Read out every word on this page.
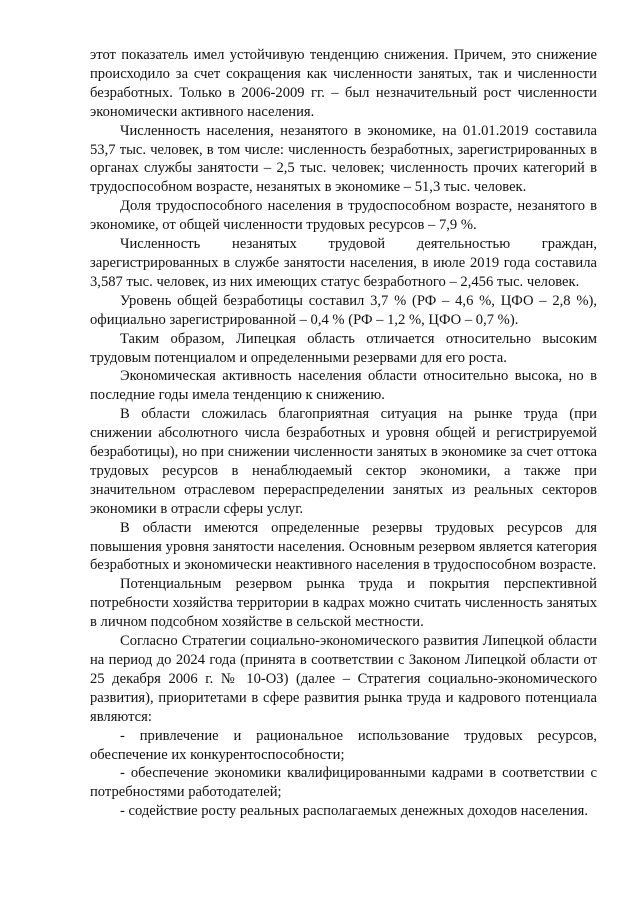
этот показатель имел устойчивую тенденцию снижения. Причем, это снижение происходило за счет сокращения как численности занятых, так и численности безработных. Только в 2006-2009 гг. – был незначительный рост численности экономически активного населения.

Численность населения, незанятого в экономике, на 01.01.2019 составила 53,7 тыс. человек, в том числе: численность безработных, зарегистрированных в органах службы занятости – 2,5 тыс. человек; численность прочих категорий в трудоспособном возрасте, незанятых в экономике – 51,3 тыс. человек.

Доля трудоспособного населения в трудоспособном возрасте, незанятого в экономике, от общей численности трудовых ресурсов – 7,9 %.

Численность незанятых трудовой деятельностью граждан, зарегистрированных в службе занятости населения, в июле 2019 года составила 3,587 тыс. человек, из них имеющих статус безработного – 2,456 тыс. человек.

Уровень общей безработицы составил 3,7 % (РФ – 4,6 %, ЦФО – 2,8 %), официально зарегистрированной – 0,4 % (РФ – 1,2 %, ЦФО – 0,7 %).

Таким образом, Липецкая область отличается относительно высоким трудовым потенциалом и определенными резервами для его роста.

Экономическая активность населения области относительно высока, но в последние годы имела тенденцию к снижению.

В области сложилась благоприятная ситуация на рынке труда (при снижении абсолютного числа безработных и уровня общей и регистрируемой безработицы), но при снижении численности занятых в экономике за счет оттока трудовых ресурсов в ненаблюдаемый сектор экономики, а также при значительном отраслевом перераспределении занятых из реальных секторов экономики в отрасли сферы услуг.

В области имеются определенные резервы трудовых ресурсов для повышения уровня занятости населения. Основным резервом является категория безработных и экономически неактивного населения в трудоспособном возрасте.

Потенциальным резервом рынка труда и покрытия перспективной потребности хозяйства территории в кадрах можно считать численность занятых в личном подсобном хозяйстве в сельской местности.

Согласно Стратегии социально-экономического развития Липецкой области на период до 2024 года (принята в соответствии с Законом Липецкой области от 25 декабря 2006 г. № 10-ОЗ) (далее – Стратегия социально-экономического развития), приоритетами в сфере развития рынка труда и кадрового потенциала являются:

- привлечение и рациональное использование трудовых ресурсов, обеспечение их конкурентоспособности;

- обеспечение экономики квалифицированными кадрами в соответствии с потребностями работодателей;

- содействие росту реальных располагаемых денежных доходов населения.
